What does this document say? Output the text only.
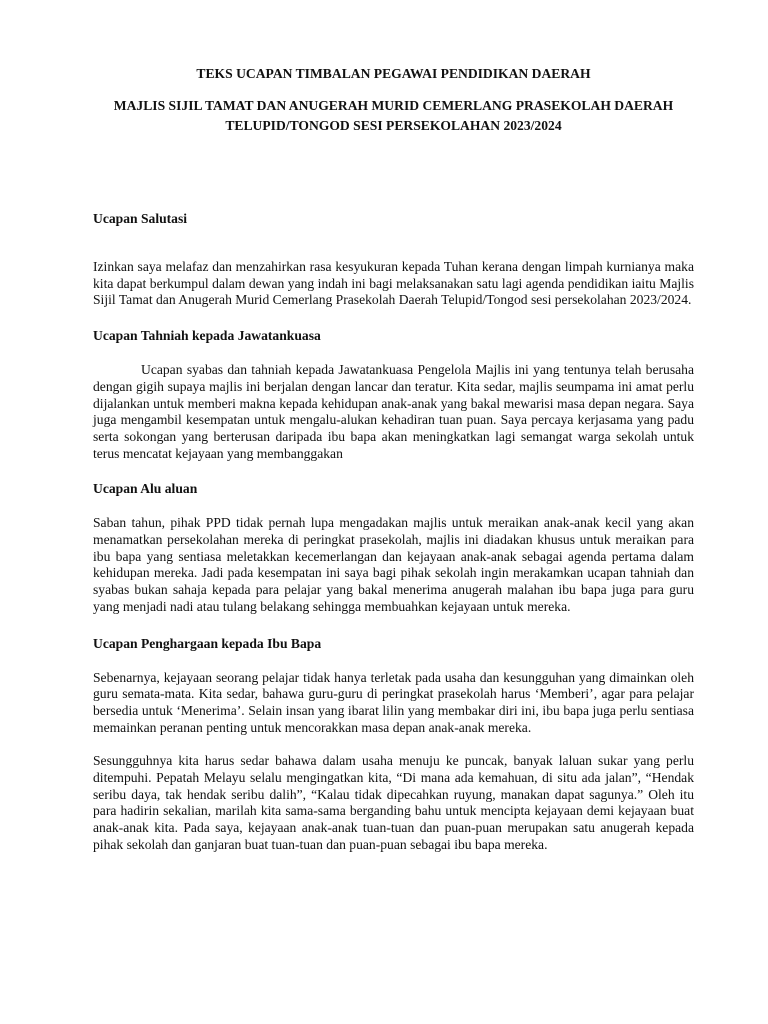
TEKS UCAPAN TIMBALAN PEGAWAI PENDIDIKAN DAERAH

MAJLIS SIJIL TAMAT DAN ANUGERAH MURID CEMERLANG PRASEKOLAH DAERAH TELUPID/TONGOD SESI PERSEKOLAHAN 2023/2024

Ucapan Salutasi

Izinkan saya melafaz dan menzahirkan rasa kesyukuran kepada Tuhan kerana dengan limpah kurnianya maka kita dapat berkumpul dalam dewan yang indah ini bagi melaksanakan satu lagi agenda pendidikan iaitu Majlis Sijil Tamat dan Anugerah Murid Cemerlang Prasekolah Daerah Telupid/Tongod sesi persekolahan 2023/2024.

Ucapan Tahniah kepada Jawatankuasa

Ucapan syabas dan tahniah kepada Jawatankuasa Pengelola Majlis ini yang tentunya telah berusaha dengan gigih supaya majlis ini berjalan dengan lancar dan teratur. Kita sedar, majlis seumpama ini amat perlu dijalankan untuk memberi makna kepada kehidupan anak-anak yang bakal mewarisi masa depan negara. Saya juga mengambil kesempatan untuk mengalu-alukan kehadiran tuan puan. Saya percaya kerjasama yang padu serta sokongan yang berterusan daripada ibu bapa akan meningkatkan lagi semangat warga sekolah untuk terus mencatat kejayaan yang membanggakan

Ucapan Alu aluan

Saban tahun, pihak PPD tidak pernah lupa mengadakan majlis untuk meraikan anak-anak kecil yang akan menamatkan persekolahan mereka di peringkat prasekolah, majlis ini diadakan khusus untuk meraikan para ibu bapa yang sentiasa meletakkan kecemerlangan dan kejayaan anak-anak sebagai agenda pertama dalam kehidupan mereka. Jadi pada kesempatan ini saya bagi pihak sekolah ingin merakamkan ucapan tahniah dan syabas bukan sahaja kepada para pelajar yang bakal menerima anugerah malahan ibu bapa juga para guru yang menjadi nadi atau tulang belakang sehingga membuahkan kejayaan untuk mereka.

Ucapan Penghargaan kepada Ibu Bapa

Sebenarnya, kejayaan seorang pelajar tidak hanya terletak pada usaha dan kesungguhan yang dimainkan oleh guru semata-mata. Kita sedar, bahawa guru-guru di peringkat prasekolah harus ‘Memberi’, agar para pelajar bersedia untuk ‘Menerima’. Selain insan yang ibarat lilin yang membakar diri ini, ibu bapa juga perlu sentiasa memainkan peranan penting untuk mencorakkan masa depan anak-anak mereka.

Sesungguhnya kita harus sedar bahawa dalam usaha menuju ke puncak, banyak laluan sukar yang perlu ditempuhi. Pepatah Melayu selalu mengingatkan kita, “Di mana ada kemahuan, di situ ada jalan”, “Hendak seribu daya, tak hendak seribu dalih”, “Kalau tidak dipecahkan ruyung, manakan dapat sagunya.” Oleh itu para hadirin sekalian, marilah kita sama-sama berganding bahu untuk mencipta kejayaan demi kejayaan buat anak-anak kita. Pada saya, kejayaan anak-anak tuan-tuan dan puan-puan merupakan satu anugerah kepada pihak sekolah dan ganjaran buat tuan-tuan dan puan-puan sebagai ibu bapa mereka.
